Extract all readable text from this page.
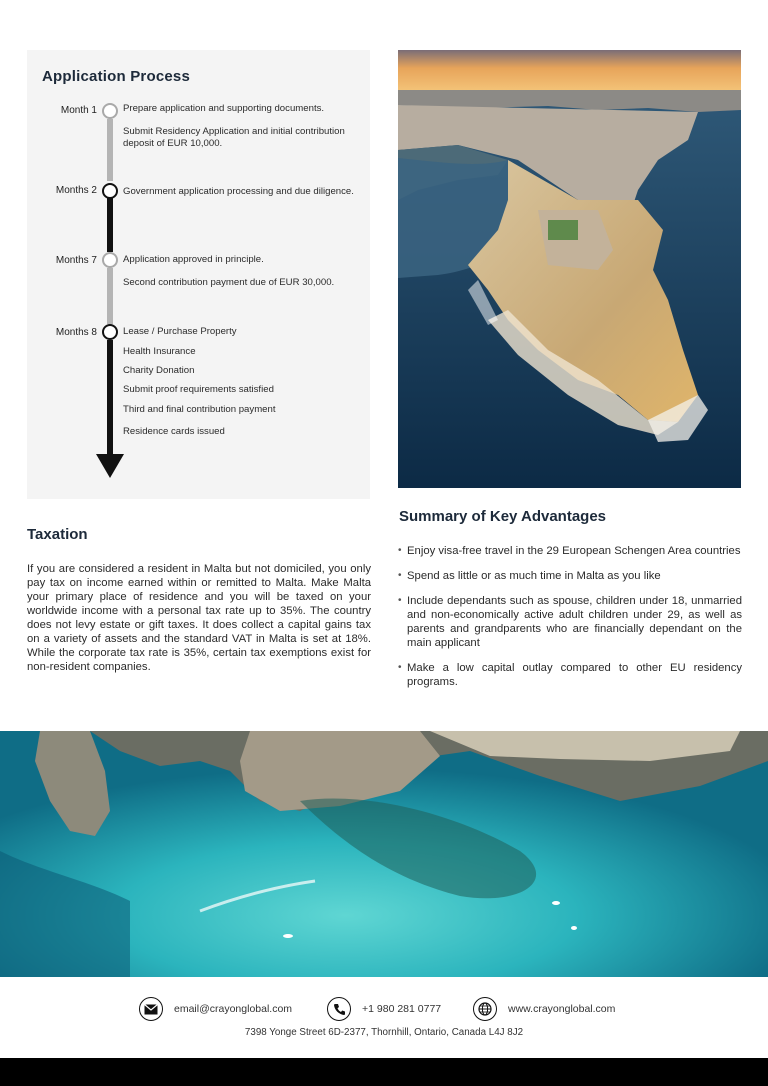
Application Process
Month 1
Months 2
Months 7
Months 8

Prepare application and supporting documents.

Submit Residency Application and initial contribution deposit of EUR 10,000.

Government application processing and due diligence.

Application approved in principle.

Second contribution payment due of EUR 30,000.

Lease / Purchase Property

Health Insurance

Charity Donation

Submit proof requirements satisfied

Third and final contribution payment

Residence cards issued

Taxation

If you are considered a resident in Malta but not domiciled, you only pay tax on income earned within or remitted to Malta. Make Malta your primary place of residence and you will be taxed on your worldwide income with a personal tax rate up to 35%. The country does not levy estate or gift taxes. It does collect a capital gains tax on a variety of assets and the standard VAT in Malta is set at 18%. While the corporate tax rate is 35%, certain tax exemptions exist for non-resident companies.

Summary of Key Advantages
• Enjoy visa-free travel in the 29 European Schengen Area countries
• Spend as little or as much time in Malta as you like
• Include dependants such as spouse, children under 18, unmarried and non-economically active adult children under 29, as well as parents and grandparents who are financially dependant on the main applicant
• Make a low capital outlay compared to other EU residency programs.
email@crayonglobal.com	+1 980 281 0777	www.crayonglobal.com

7398 Yonge Street 6D-2377, Thornhill, Ontario, Canada L4J 8J2
